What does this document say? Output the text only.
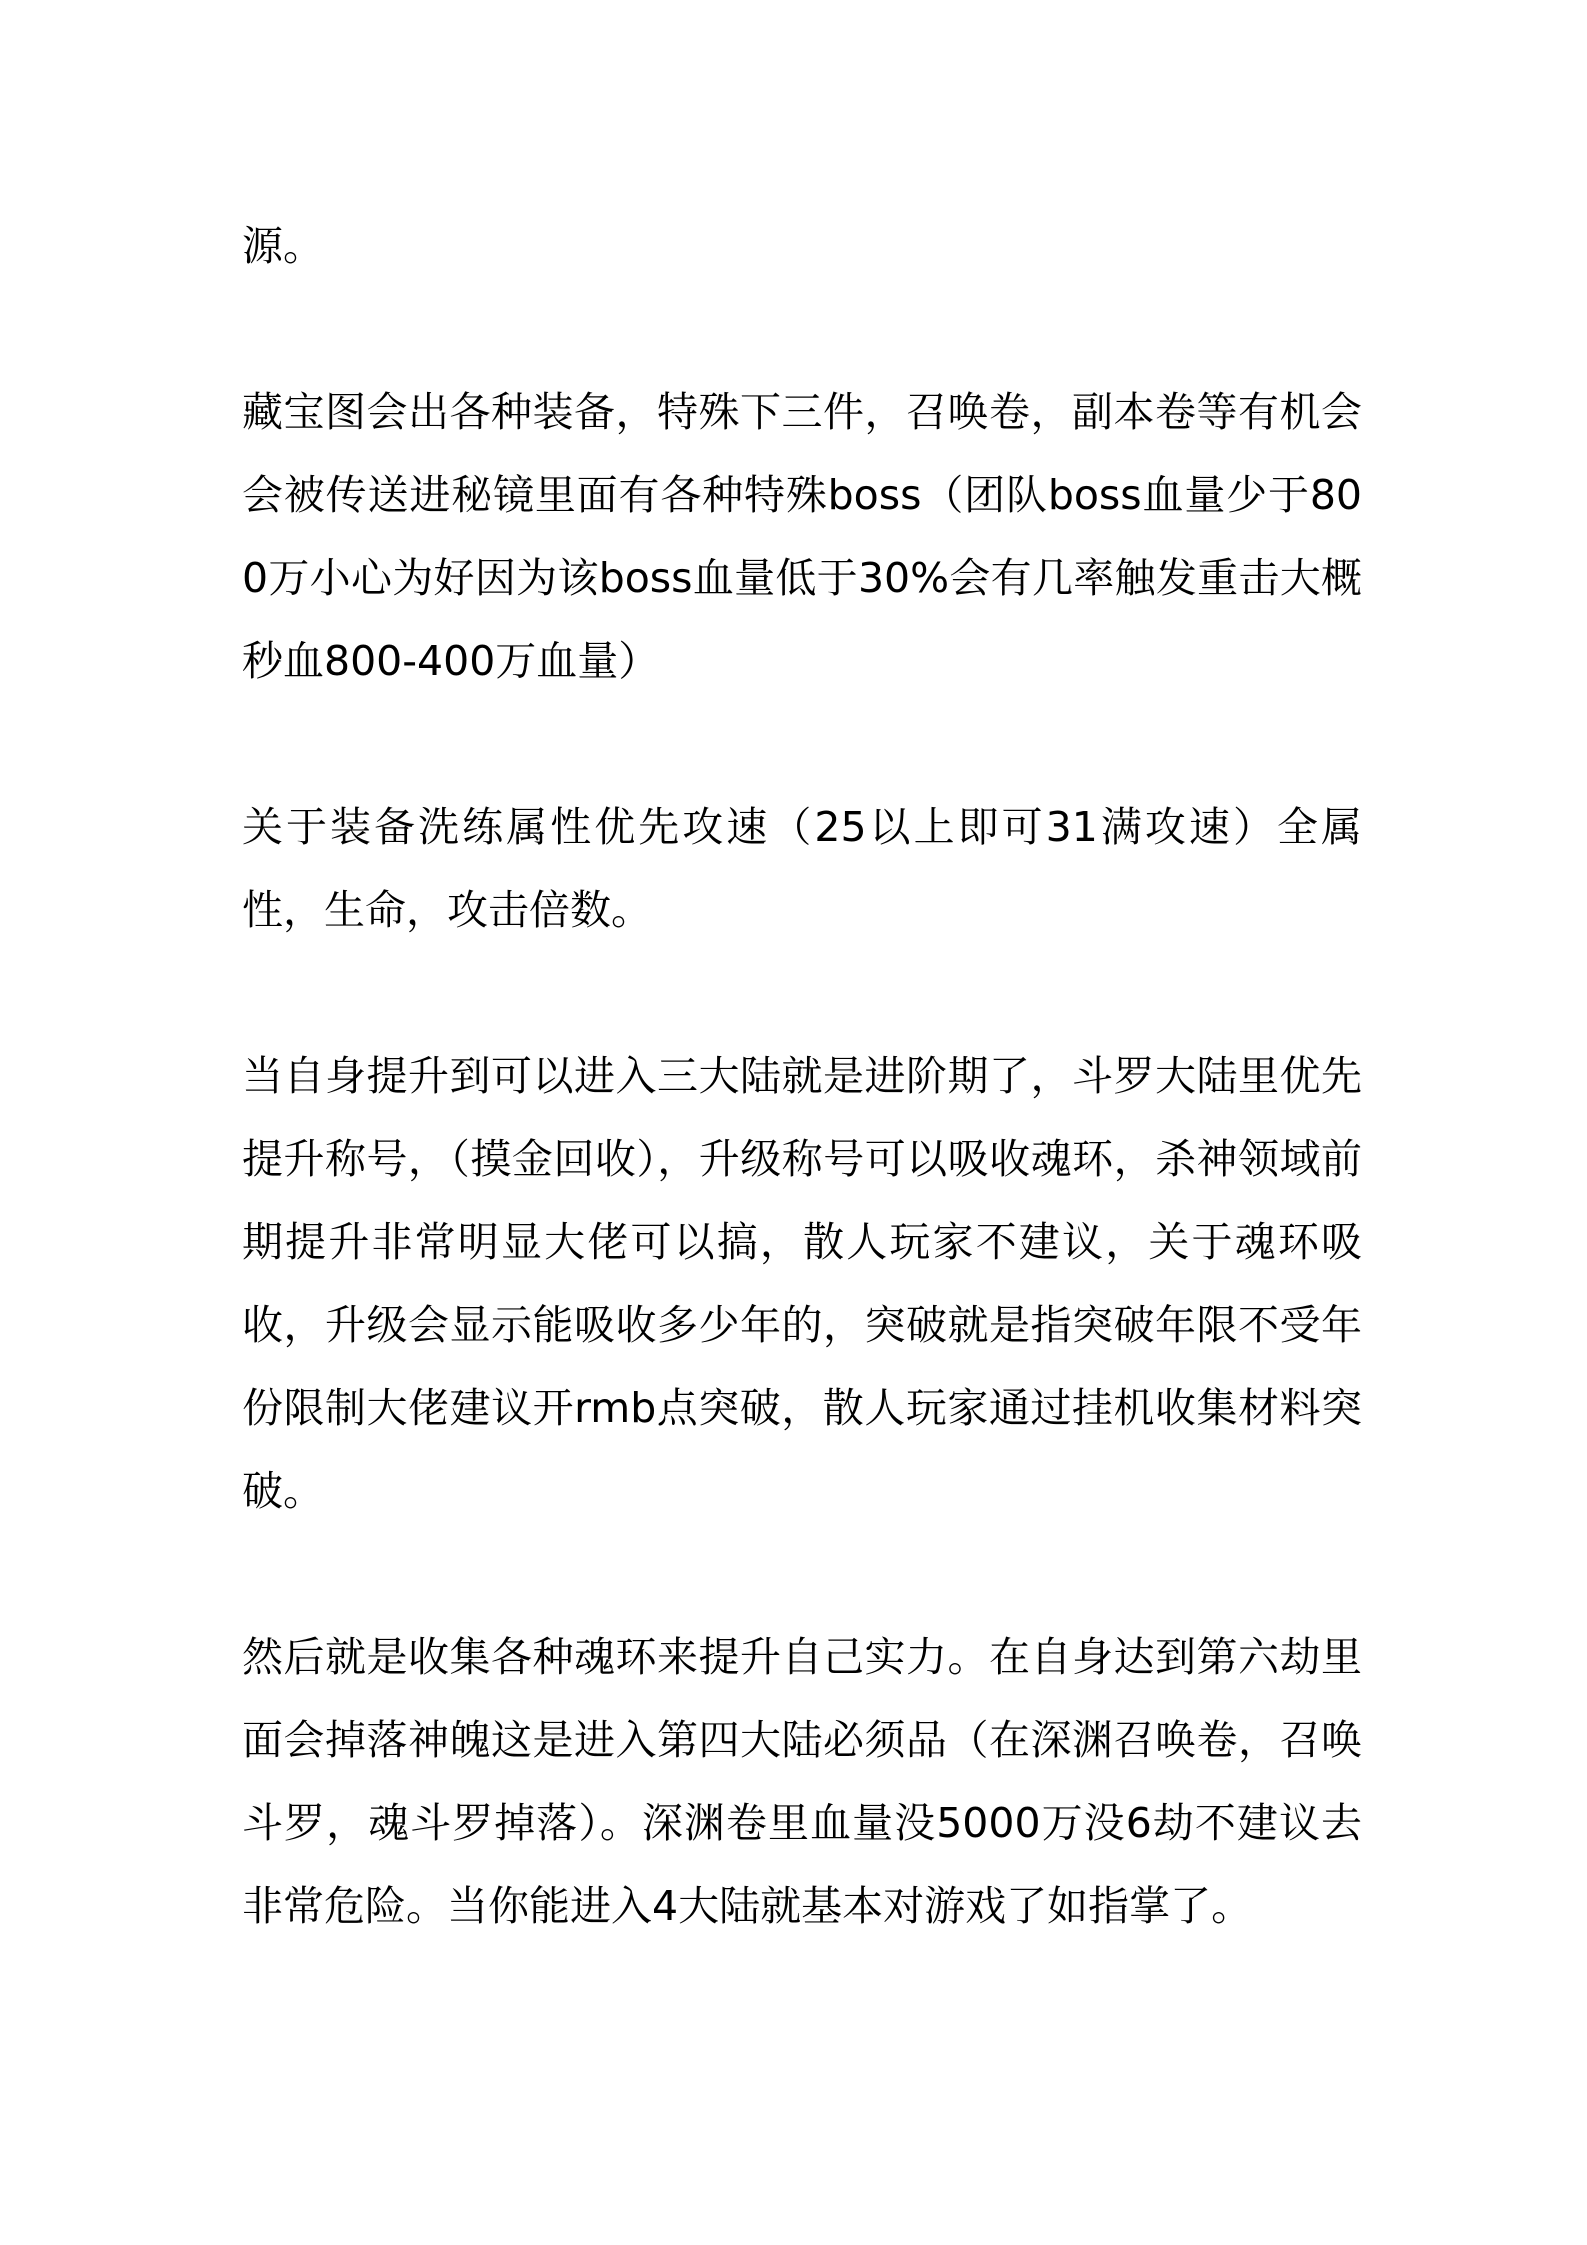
源。

藏宝图会出各种装备，特殊下三件，召唤卷，副本卷等有机会会被传送进秘镜里面有各种特殊boss（团队boss血量少于800万小心为好因为该boss血量低于30%会有几率触发重击大概秒血800-400万血量）

关于装备洗练属性优先攻速（25以上即可31满攻速）全属性，生命，攻击倍数。

当自身提升到可以进入三大陆就是进阶期了，斗罗大陆里优先提升称号，（摸金回收），升级称号可以吸收魂环，杀神领域前期提升非常明显大佬可以搞，散人玩家不建议，关于魂环吸收，升级会显示能吸收多少年的，突破就是指突破年限不受年份限制大佬建议开rmb点突破，散人玩家通过挂机收集材料突破。

然后就是收集各种魂环来提升自己实力。在自身达到第六劫里面会掉落神魄这是进入第四大陆必须品（在深渊召唤卷，召唤斗罗，魂斗罗掉落）。深渊卷里血量没5000万没6劫不建议去非常危险。当你能进入4大陆就基本对游戏了如指掌了。
